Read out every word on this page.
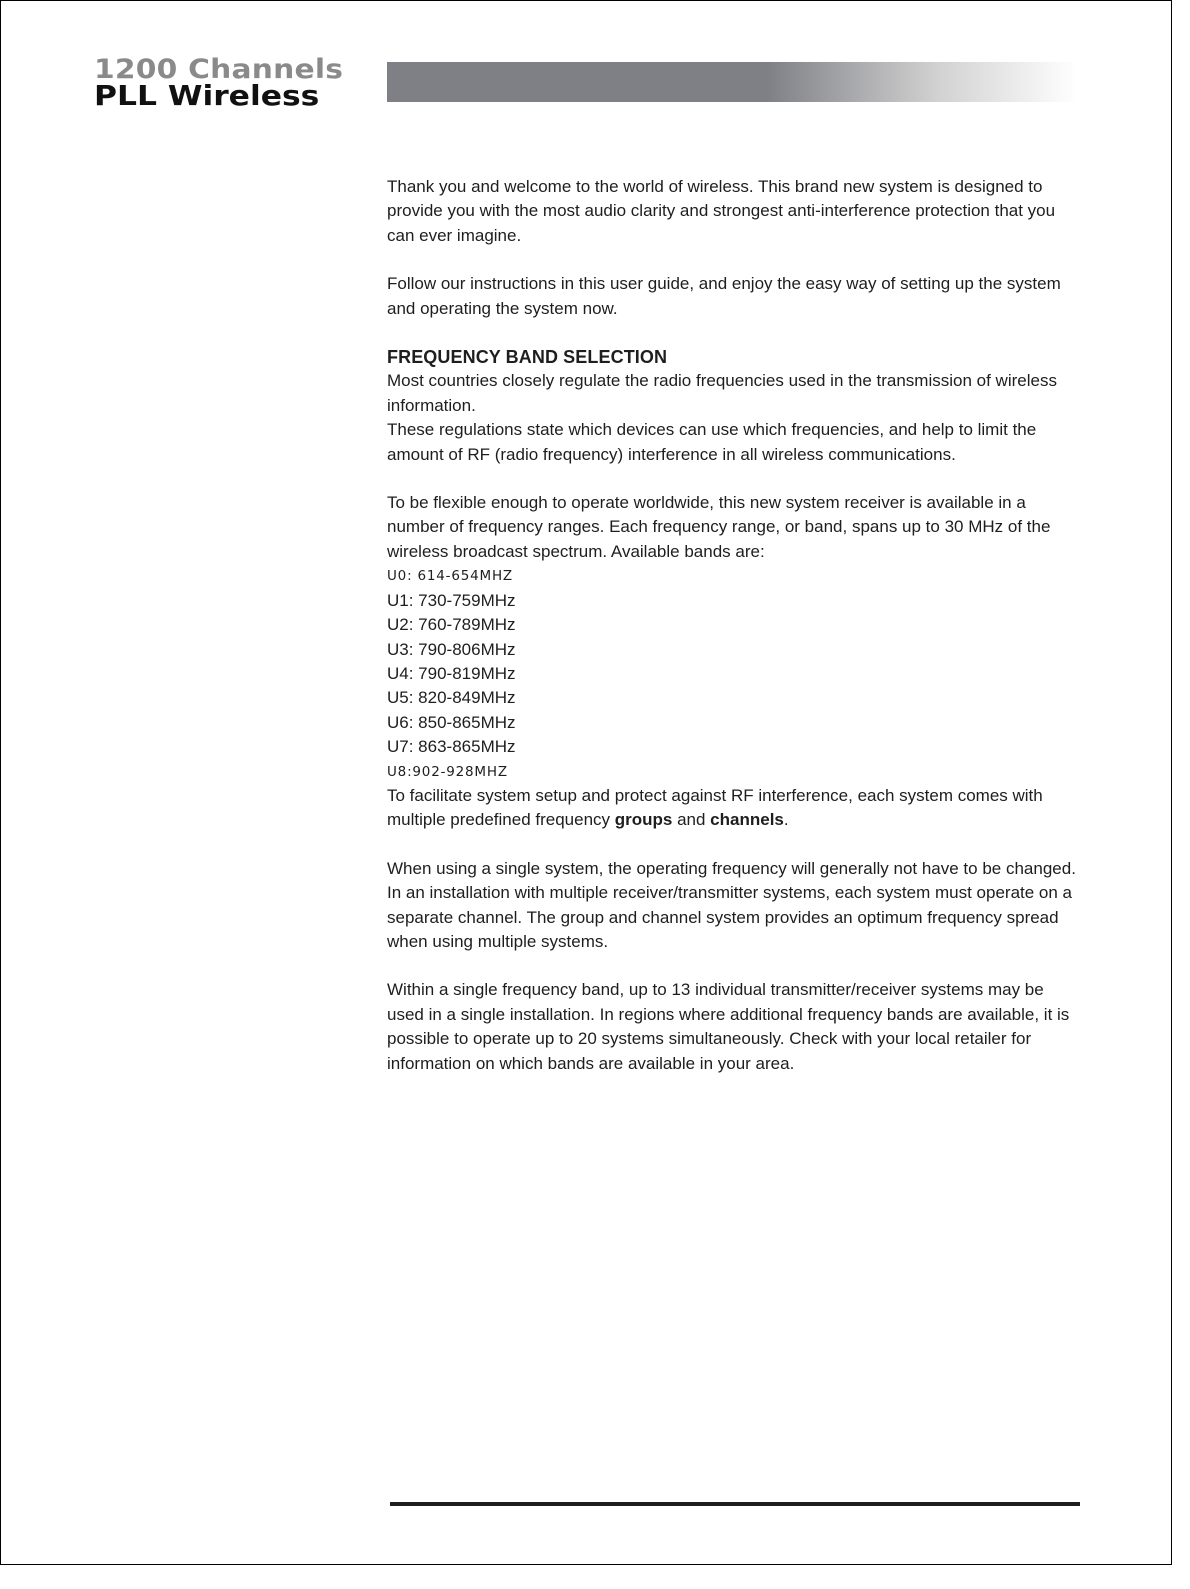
1200 Channels
PLL Wireless

Thank you and welcome to the world of wireless. This brand new system is designed to provide you with the most audio clarity and strongest anti-interference protection that you can ever imagine.

Follow our instructions in this user guide, and enjoy the easy way of setting up the system and operating the system now.

FREQUENCY BAND SELECTION

Most countries closely regulate the radio frequencies used in the transmission of wireless information.

These regulations state which devices can use which frequencies, and help to limit the amount of RF (radio frequency) interference in all wireless communications.

To be flexible enough to operate worldwide, this new system receiver is available in a number of frequency ranges. Each frequency range, or band, spans up to 30 MHz of the wireless broadcast spectrum. Available bands are:

U0: 614-654MHZ
U1: 730-759MHz
U2: 760-789MHz
U3: 790-806MHz
U4: 790-819MHz
U5: 820-849MHz
U6: 850-865MHz
U7: 863-865MHz
U8:902-928MHZ

To facilitate system setup and protect against RF interference, each system comes with multiple predefined frequency groups and channels.

When using a single system, the operating frequency will generally not have to be changed. In an installation with multiple receiver/transmitter systems, each system must operate on a separate channel. The group and channel system provides an optimum frequency spread when using multiple systems.

Within a single frequency band, up to 13 individual transmitter/receiver systems may be used in a single installation. In regions where additional frequency bands are available, it is possible to operate up to 20 systems simultaneously. Check with your local retailer for information on which bands are available in your area.
